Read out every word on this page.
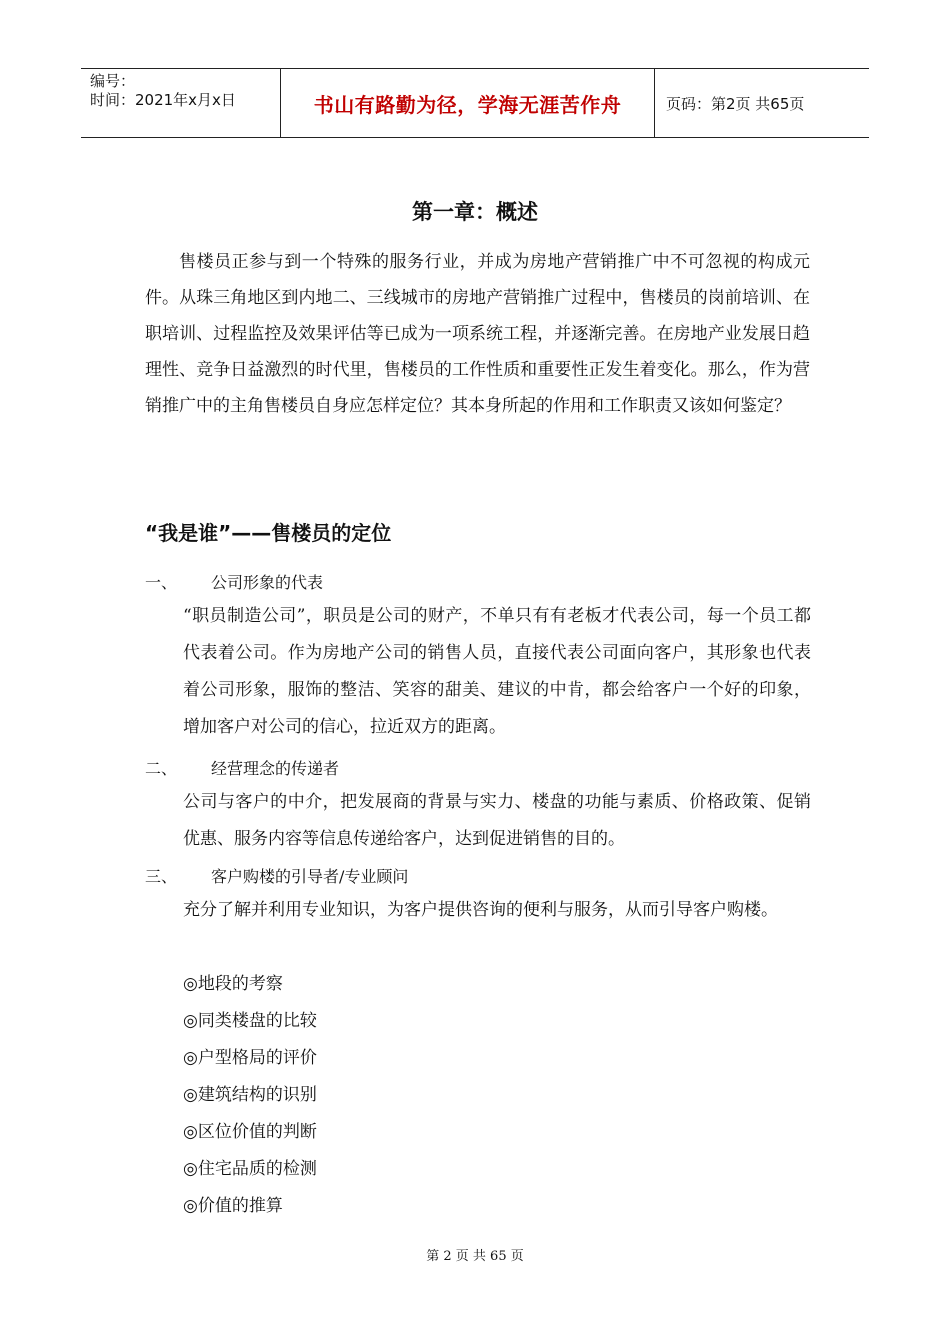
编号：
时间：2021年x月x日	书山有路勤为径，学海无涯苦作舟	页码：第2页 共65页
第一章：概述

售楼员正参与到一个特殊的服务行业，并成为房地产营销推广中不可忽视的构成元件。从珠三角地区到内地二、三线城市的房地产营销推广过程中，售楼员的岗前培训、在职培训、过程监控及效果评估等已成为一项系统工程，并逐渐完善。在房地产业发展日趋理性、竞争日益激烈的时代里，售楼员的工作性质和重要性正发生着变化。那么，作为营销推广中的主角售楼员自身应怎样定位？其本身所起的作用和工作职责又该如何鉴定？

“我是谁”——售楼员的定位
一、	公司形象的代表

“职员制造公司”，职员是公司的财产，不单只有有老板才代表公司，每一个员工都代表着公司。作为房地产公司的销售人员，直接代表公司面向客户，其形象也代表着公司形象，服饰的整洁、笑容的甜美、建议的中肯，都会给客户一个好的印象，增加客户对公司的信心，拉近双方的距离。

二、	经营理念的传递者

公司与客户的中介，把发展商的背景与实力、楼盘的功能与素质、价格政策、促销优惠、服务内容等信息传递给客户，达到促进销售的目的。

三、	客户购楼的引导者/专业顾问

充分了解并利用专业知识，为客户提供咨询的便利与服务，从而引导客户购楼。

◎地段的考察
◎同类楼盘的比较
◎户型格局的评价
◎建筑结构的识别
◎区位价值的判断
◎住宅品质的检测
◎价值的推算
第 2 页 共 65 页
